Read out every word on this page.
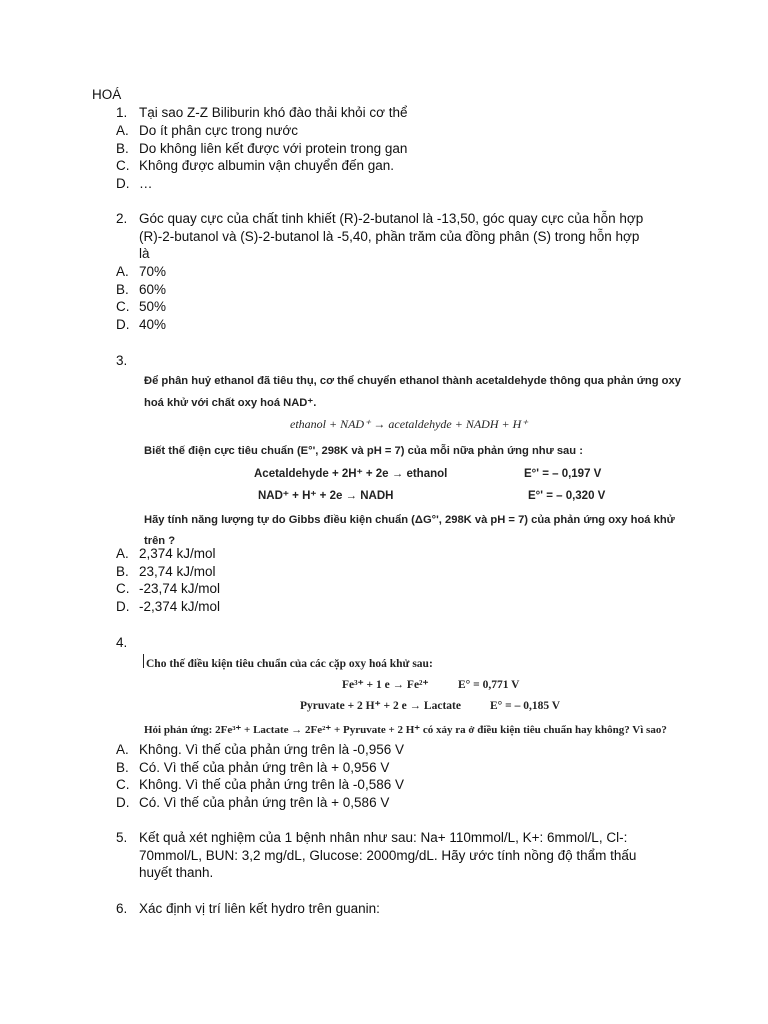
HOÁ
1. Tại sao Z-Z Biliburin khó đào thải khỏi cơ thể
A. Do ít phân cực trong nước
B. Do không liên kết được với protein trong gan
C. Không được albumin vận chuyển đến gan.
D. …
2. Góc quay cực của chất tinh khiết (R)-2-butanol là -13,50, góc quay cực của hỗn hợp
(R)-2-butanol và (S)-2-butanol là -5,40, phần trăm của đồng phân (S) trong hỗn hợp
là
A. 70%
B. 60%
C. 50%
D. 40%
3.
Để phân huỷ ethanol đã tiêu thụ, cơ thể chuyển ethanol thành acetaldehyde thông qua phản ứng oxy
hoá khử với chất oxy hoá NAD⁺.
ethanol + NAD⁺ → acetaldehyde + NADH + H⁺
Biết thế điện cực tiêu chuẩn (E°', 298K và pH = 7) của mỗi nữa phản ứng như sau :
Acetaldehyde + 2H⁺ + 2e → ethanol	E°' = – 0,197 V
NAD⁺ + H⁺ + 2e → NADH	E°' = – 0,320 V
Hãy tính năng lượng tự do Gibbs điều kiện chuẩn (ΔG°', 298K và pH = 7) của phản ứng oxy hoá khử
trên ?
A. 2,374 kJ/mol
B. 23,74 kJ/mol
C. -23,74 kJ/mol
D. -2,374 kJ/mol
4.
Cho thế điều kiện tiêu chuẩn của các cặp oxy hoá khử sau:
Fe³⁺ + 1 e → Fe²⁺	E° = 0,771 V
Pyruvate + 2 H⁺ + 2 e → Lactate	E° = – 0,185 V
Hỏi phản ứng: 2Fe³⁺ + Lactate → 2Fe²⁺ + Pyruvate + 2 H⁺ có xảy ra ở điều kiện tiêu chuẩn hay không? Vì sao?
A. Không. Vì thế của phản ứng trên là -0,956 V
B. Có. Vì thế của phản ứng trên là + 0,956 V
C. Không. Vì thế của phản ứng trên là -0,586 V
D. Có. Vì thế của phản ứng trên là + 0,586 V
5. Kết quả xét nghiệm của 1 bệnh nhân như sau: Na+ 110mmol/L, K+: 6mmol/L, Cl-:
70mmol/L, BUN: 3,2 mg/dL, Glucose: 2000mg/dL. Hãy ước tính nồng độ thẩm thấu
huyết thanh.
6. Xác định vị trí liên kết hydro trên guanin:
